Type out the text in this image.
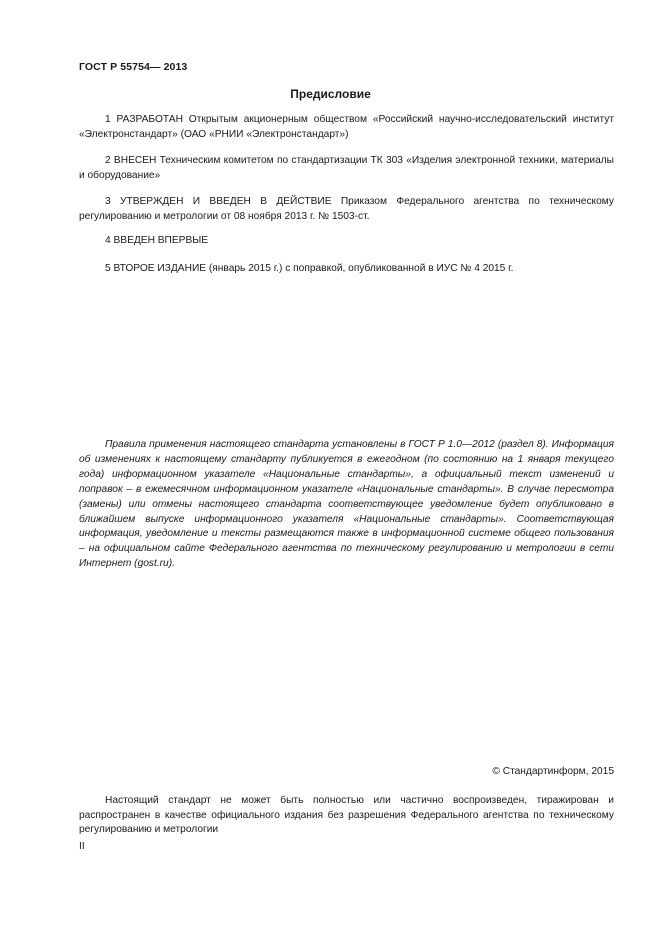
ГОСТ Р 55754— 2013
Предисловие

1 РАЗРАБОТАН Открытым акционерным обществом «Российский научно-исследовательский институт «Электронстандарт» (ОАО «РНИИ «Электронстандарт»)

2 ВНЕСЕН Техническим комитетом по стандартизации ТК 303 «Изделия электронной техники, материалы и оборудование»

3 УТВЕРЖДЕН И ВВЕДЕН В ДЕЙСТВИЕ Приказом Федерального агентства по техническому регулированию и метрологии от 08 ноября 2013 г. № 1503-ст.

4 ВВЕДЕН ВПЕРВЫЕ

5 ВТОРОЕ ИЗДАНИЕ (январь 2015 г.) с поправкой, опубликованной в ИУС № 4 2015 г.

Правила применения настоящего стандарта установлены в ГОСТ Р 1.0—2012 (раздел 8). Информация об изменениях к настоящему стандарту публикуется в ежегодном (по состоянию на 1 января текущего года) информационном указателе «Национальные стандарты», а официальный текст изменений и поправок – в ежемесячном информационном указателе «Национальные стандарты». В случае пересмотра (замены) или отмены настоящего стандарта соответствующее уведомление будет опубликовано в ближайшем выпуске информационного указателя «Национальные стандарты». Соответствующая информация, уведомление и тексты размещаются также в информационной системе общего пользования – на официальном сайте Федерального агентства по техническому регулированию и метрологии в сети Интернет (gost.ru).

© Стандартинформ, 2015

Настоящий стандарт не может быть полностью или частично воспроизведен, тиражирован и распространен в качестве официального издания без разрешения Федерального агентства по техническому регулированию и метрологии

II
